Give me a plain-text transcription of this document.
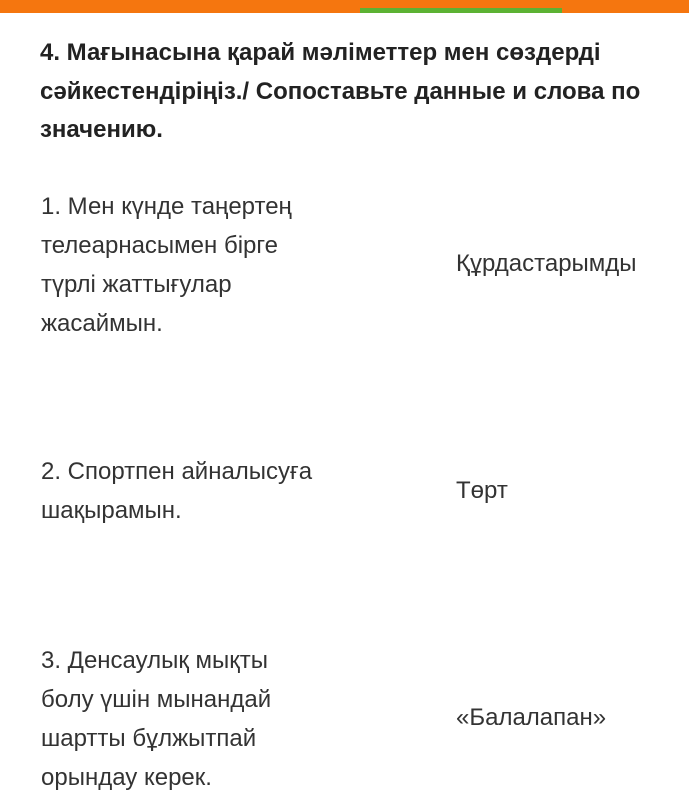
4. Мағынасына қарай мәліметтер мен сөздерді сәйкестендіріңіз./ Сопоставьте данные и слова по значению.

1. Мен күнде таңертең
телеарнасымен бірге
түрлі жаттығулар
жасаймын.

Құрдастарымды

2. Спортпен айналысуға
шақырамын.

Төрт

3. Денсаулық мықты
болу үшін мынандай
шартты бұлжытпай
орындау керек.

«Балалапан»
